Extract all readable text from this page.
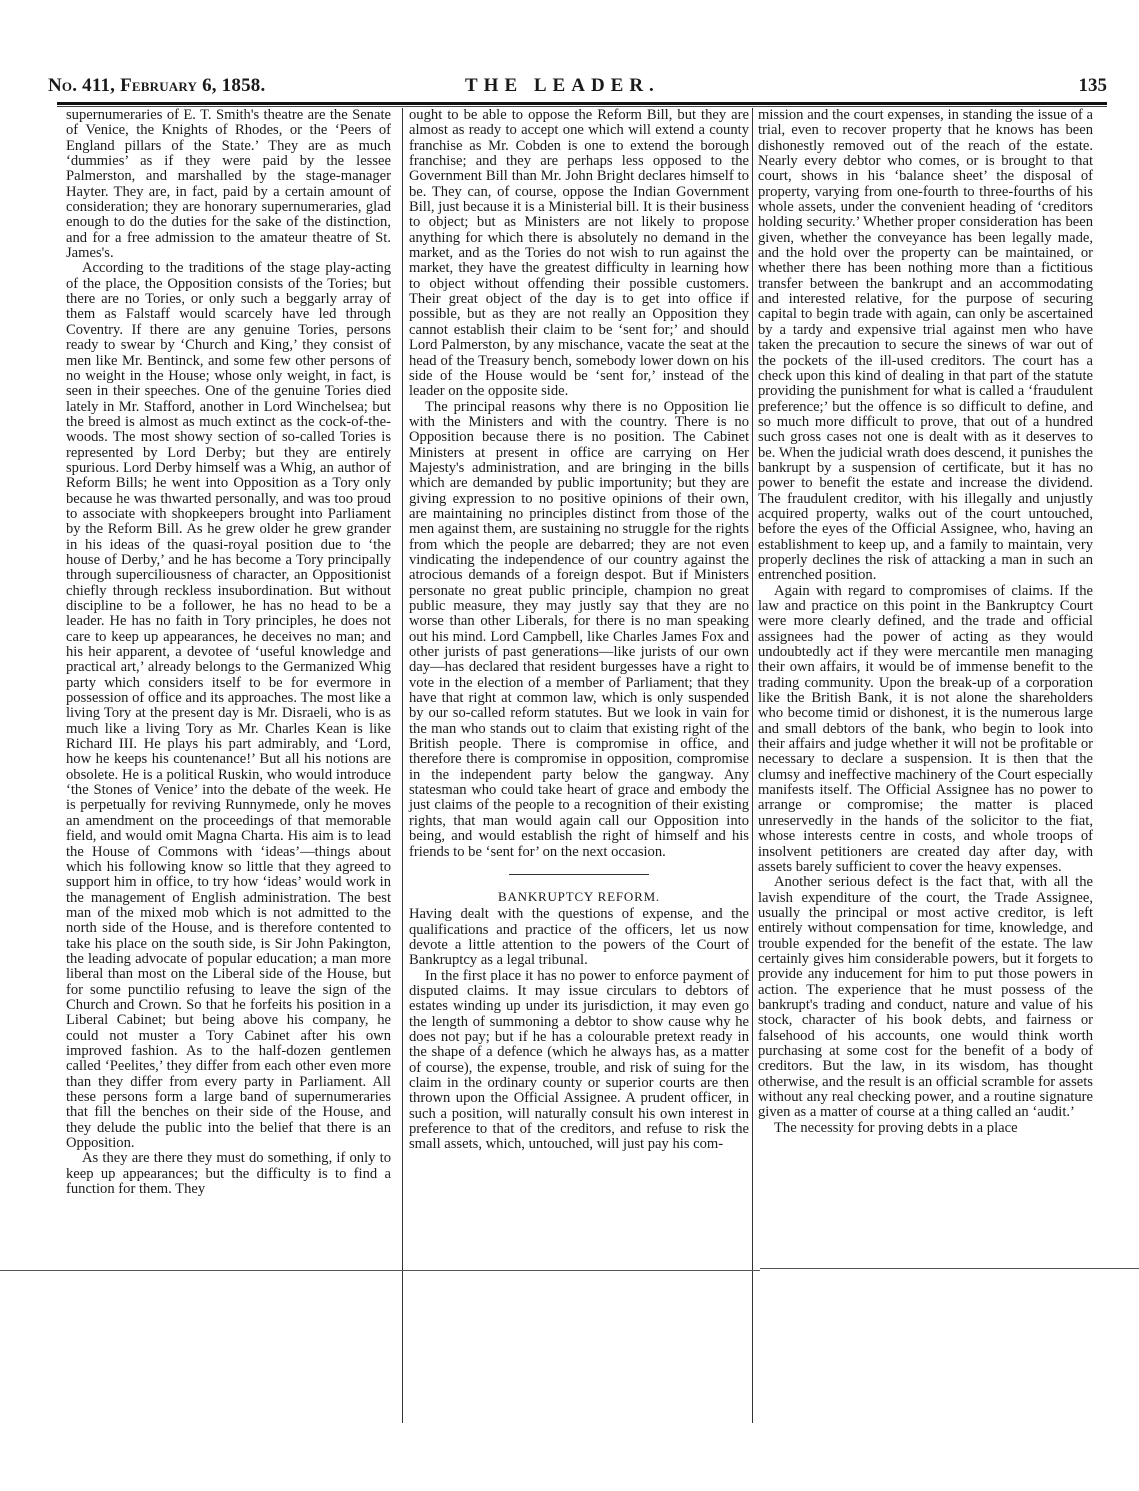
No. 411, February 6, 1858.	THE LEADER.	135

supernumeraries of E. T. Smith's theatre are the Senate of Venice, the Knights of Rhodes, or the ‘Peers of England pillars of the State.’ They are as much ‘dummies’ as if they were paid by the lessee Palmerston, and marshalled by the stage-manager Hayter. They are, in fact, paid by a certain amount of consideration; they are honorary supernumeraries, glad enough to do the duties for the sake of the distinction, and for a free admission to the amateur theatre of St. James's.

According to the traditions of the stage play-acting of the place, the Opposition consists of the Tories; but there are no Tories, or only such a beggarly array of them as Falstaff would scarcely have led through Coventry. If there are any genuine Tories, persons ready to swear by ‘Church and King,’ they consist of men like Mr. Bentinck, and some few other persons of no weight in the House; whose only weight, in fact, is seen in their speeches. One of the genuine Tories died lately in Mr. Stafford, another in Lord Winchelsea; but the breed is almost as much extinct as the cock-of-the-woods. The most showy section of so-called Tories is represented by Lord Derby; but they are entirely spurious. Lord Derby himself was a Whig, an author of Reform Bills; he went into Opposition as a Tory only because he was thwarted personally, and was too proud to associate with shopkeepers brought into Parliament by the Reform Bill. As he grew older he grew grander in his ideas of the quasi-royal position due to ‘the house of Derby,’ and he has become a Tory principally through superciliousness of character, an Oppositionist chiefly through reckless insubordination. But without discipline to be a follower, he has no head to be a leader. He has no faith in Tory principles, he does not care to keep up appearances, he deceives no man; and his heir apparent, a devotee of ‘useful knowledge and practical art,’ already belongs to the Germanized Whig party which considers itself to be for evermore in possession of office and its approaches. The most like a living Tory at the present day is Mr. Disraeli, who is as much like a living Tory as Mr. Charles Kean is like Richard III. He plays his part admirably, and ‘Lord, how he keeps his countenance!’ But all his notions are obsolete. He is a political Ruskin, who would introduce ‘the Stones of Venice’ into the debate of the week. He is perpetually for reviving Runnymede, only he moves an amendment on the proceedings of that memorable field, and would omit Magna Charta. His aim is to lead the House of Commons with ‘ideas’—things about which his following know so little that they agreed to support him in office, to try how ‘ideas’ would work in the management of English administration. The best man of the mixed mob which is not admitted to the north side of the House, and is therefore contented to take his place on the south side, is Sir John Pakington, the leading advocate of popular education; a man more liberal than most on the Liberal side of the House, but for some punctilio refusing to leave the sign of the Church and Crown. So that he forfeits his position in a Liberal Cabinet; but being above his company, he could not muster a Tory Cabinet after his own improved fashion. As to the half-dozen gentlemen called ‘Peelites,’ they differ from each other even more than they differ from every party in Parliament. All these persons form a large band of supernumeraries that fill the benches on their side of the House, and they delude the public into the belief that there is an Opposition.

As they are there they must do something, if only to keep up appearances; but the difficulty is to find a function for them. They

ought to be able to oppose the Reform Bill, but they are almost as ready to accept one which will extend a county franchise as Mr. Cobden is one to extend the borough franchise; and they are perhaps less opposed to the Government Bill than Mr. John Bright declares himself to be. They can, of course, oppose the Indian Government Bill, just because it is a Ministerial bill. It is their business to object; but as Ministers are not likely to propose anything for which there is absolutely no demand in the market, and as the Tories do not wish to run against the market, they have the greatest difficulty in learning how to object without offending their possible customers. Their great object of the day is to get into office if possible, but as they are not really an Opposition they cannot establish their claim to be ‘sent for;’ and should Lord Palmerston, by any mischance, vacate the seat at the head of the Treasury bench, somebody lower down on his side of the House would be ‘sent for,’ instead of the leader on the opposite side.

The principal reasons why there is no Opposition lie with the Ministers and with the country. There is no Opposition because there is no position. The Cabinet Ministers at present in office are carrying on Her Majesty's administration, and are bringing in the bills which are demanded by public importunity; but they are giving expression to no positive opinions of their own, are maintaining no principles distinct from those of the men against them, are sustaining no struggle for the rights from which the people are debarred; they are not even vindicating the independence of our country against the atrocious demands of a foreign despot. But if Ministers personate no great public principle, champion no great public measure, they may justly say that they are no worse than other Liberals, for there is no man speaking out his mind. Lord Campbell, like Charles James Fox and other jurists of past generations—like jurists of our own day—has declared that resident burgesses have a right to vote in the election of a member of Parliament; that they have that right at common law, which is only suspended by our so-called reform statutes. But we look in vain for the man who stands out to claim that existing right of the British people. There is compromise in office, and therefore there is compromise in opposition, compromise in the independent party below the gangway. Any statesman who could take heart of grace and embody the just claims of the people to a recognition of their existing rights, that man would again call our Opposition into being, and would establish the right of himself and his friends to be ‘sent for’ on the next occasion.

BANKRUPTCY REFORM.

Having dealt with the questions of expense, and the qualifications and practice of the officers, let us now devote a little attention to the powers of the Court of Bankruptcy as a legal tribunal.

In the first place it has no power to enforce payment of disputed claims. It may issue circulars to debtors of estates winding up under its jurisdiction, it may even go the length of summoning a debtor to show cause why he does not pay; but if he has a colourable pretext ready in the shape of a defence (which he always has, as a matter of course), the expense, trouble, and risk of suing for the claim in the ordinary county or superior courts are then thrown upon the Official Assignee. A prudent officer, in such a position, will naturally consult his own interest in preference to that of the creditors, and refuse to risk the small assets, which, untouched, will just pay his com-

mission and the court expenses, in standing the issue of a trial, even to recover property that he knows has been dishonestly removed out of the reach of the estate. Nearly every debtor who comes, or is brought to that court, shows in his ‘balance sheet’ the disposal of property, varying from one-fourth to three-fourths of his whole assets, under the convenient heading of ‘creditors holding security.’ Whether proper consideration has been given, whether the conveyance has been legally made, and the hold over the property can be maintained, or whether there has been nothing more than a fictitious transfer between the bankrupt and an accommodating and interested relative, for the purpose of securing capital to begin trade with again, can only be ascertained by a tardy and expensive trial against men who have taken the precaution to secure the sinews of war out of the pockets of the ill-used creditors. The court has a check upon this kind of dealing in that part of the statute providing the punishment for what is called a ‘fraudulent preference;’ but the offence is so difficult to define, and so much more difficult to prove, that out of a hundred such gross cases not one is dealt with as it deserves to be. When the judicial wrath does descend, it punishes the bankrupt by a suspension of certificate, but it has no power to benefit the estate and increase the dividend. The fraudulent creditor, with his illegally and unjustly acquired property, walks out of the court untouched, before the eyes of the Official Assignee, who, having an establishment to keep up, and a family to maintain, very properly declines the risk of attacking a man in such an entrenched position.

Again with regard to compromises of claims. If the law and practice on this point in the Bankruptcy Court were more clearly defined, and the trade and official assignees had the power of acting as they would undoubtedly act if they were mercantile men managing their own affairs, it would be of immense benefit to the trading community. Upon the break-up of a corporation like the British Bank, it is not alone the shareholders who become timid or dishonest, it is the numerous large and small debtors of the bank, who begin to look into their affairs and judge whether it will not be profitable or necessary to declare a suspension. It is then that the clumsy and ineffective machinery of the Court especially manifests itself. The Official Assignee has no power to arrange or compromise; the matter is placed unreservedly in the hands of the solicitor to the fiat, whose interests centre in costs, and whole troops of insolvent petitioners are created day after day, with assets barely sufficient to cover the heavy expenses.

Another serious defect is the fact that, with all the lavish expenditure of the court, the Trade Assignee, usually the principal or most active creditor, is left entirely without compensation for time, knowledge, and trouble expended for the benefit of the estate. The law certainly gives him considerable powers, but it forgets to provide any inducement for him to put those powers in action. The experience that he must possess of the bankrupt's trading and conduct, nature and value of his stock, character of his book debts, and fairness or falsehood of his accounts, one would think worth purchasing at some cost for the benefit of a body of creditors. But the law, in its wisdom, has thought otherwise, and the result is an official scramble for assets without any real checking power, and a routine signature given as a matter of course at a thing called an ‘audit.’

The necessity for proving debts in a place
